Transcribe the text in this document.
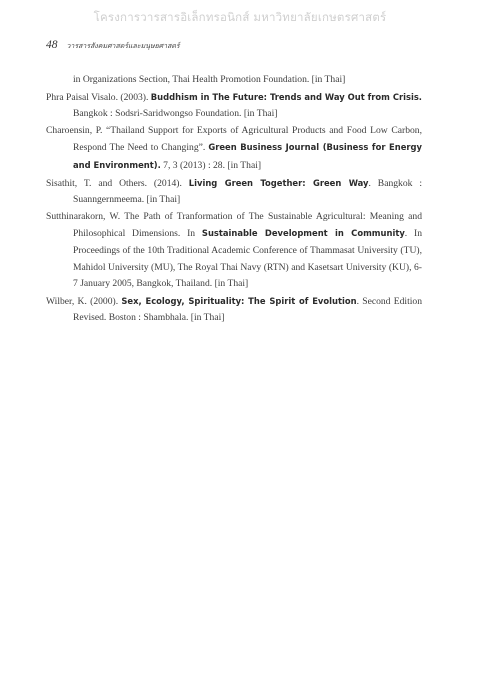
โครงการวารสารอิเล็กทรอนิกส์ มหาวิทยาลัยเกษตรศาสตร์
48 วารสารสังคมศาสตร์และมนุษยศาสตร์

in Organizations Section, Thai Health Promotion Foundation. [in Thai]

Phra Paisal Visalo. (2003). Buddhism in The Future: Trends and Way Out from Crisis. Bangkok : Sodsri-Saridwongso Foundation. [in Thai]

Charoensin, P. “Thailand Support for Exports of Agricultural Products and Food Low Carbon, Respond The Need to Changing”. Green Business Journal (Business for Energy and Environment). 7, 3 (2013) : 28. [in Thai]

Sisathit, T. and Others. (2014). Living Green Together: Green Way. Bangkok : Suanngernmeema. [in Thai]

Sutthinarakorn, W. The Path of Tranformation of The Sustainable Agricultural: Meaning and Philosophical Dimensions. In Sustainable Development in Community. In Proceedings of the 10th Traditional Academic Conference of Thammasat University (TU), Mahidol University (MU), The Royal Thai Navy (RTN) and Kasetsart University (KU), 6-7 January 2005, Bangkok, Thailand. [in Thai]

Wilber, K. (2000). Sex, Ecology, Spirituality: The Spirit of Evolution. Second Edition Revised. Boston : Shambhala. [in Thai]
